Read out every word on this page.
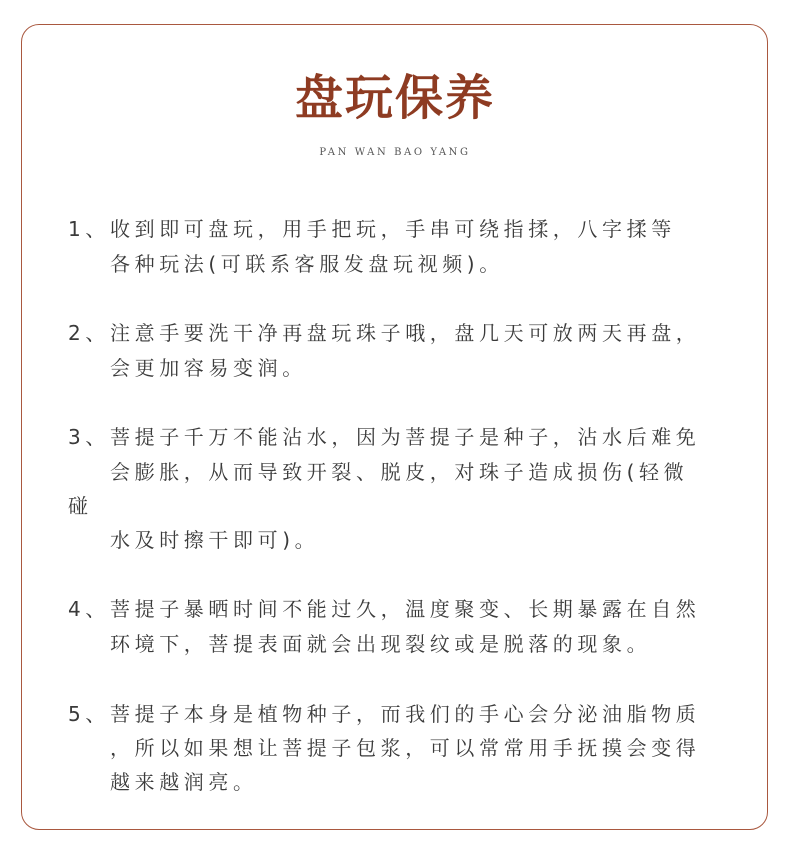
盘玩保养
PAN WAN BAO YANG
1、 收到即可盘玩，用手把玩，手串可绕指揉，八字揉等
各种玩法(可联系客服发盘玩视频)。
2、 注意手要洗干净再盘玩珠子哦，盘几天可放两天再盘，
会更加容易变润。
3、 菩提子千万不能沾水，因为菩提子是种子，沾水后难免
会膨胀，从而导致开裂、脱皮，对珠子造成损伤(轻微
碰
水及时擦干即可)。
4、 菩提子暴晒时间不能过久，温度聚变、长期暴露在自然
环境下，菩提表面就会出现裂纹或是脱落的现象。
5、 菩提子本身是植物种子，而我们的手心会分泌油脂物质
，所以如果想让菩提子包浆，可以常常用手抚摸会变得
越来越润亮。
